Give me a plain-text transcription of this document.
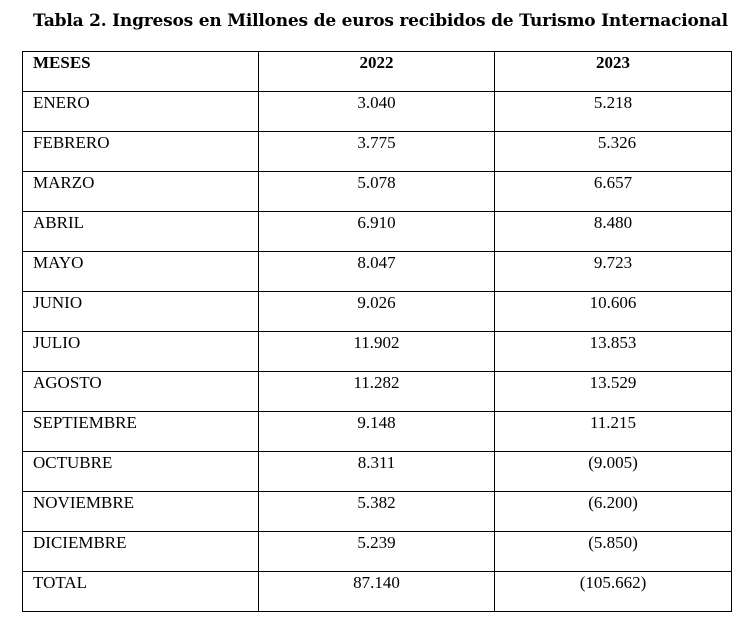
Tabla 2. Ingresos en Millones de euros recibidos de Turismo Internacional
MESES	2022	2023
ENERO	3.040	5.218
FEBRERO	3.775	5.326
MARZO	5.078	6.657
ABRIL	6.910	8.480
MAYO	8.047	9.723
JUNIO	9.026	10.606
JULIO	11.902	13.853
AGOSTO	11.282	13.529
SEPTIEMBRE	9.148	11.215
OCTUBRE	8.311	(9.005)
NOVIEMBRE	5.382	(6.200)
DICIEMBRE	5.239	(5.850)
TOTAL	87.140	(105.662)
